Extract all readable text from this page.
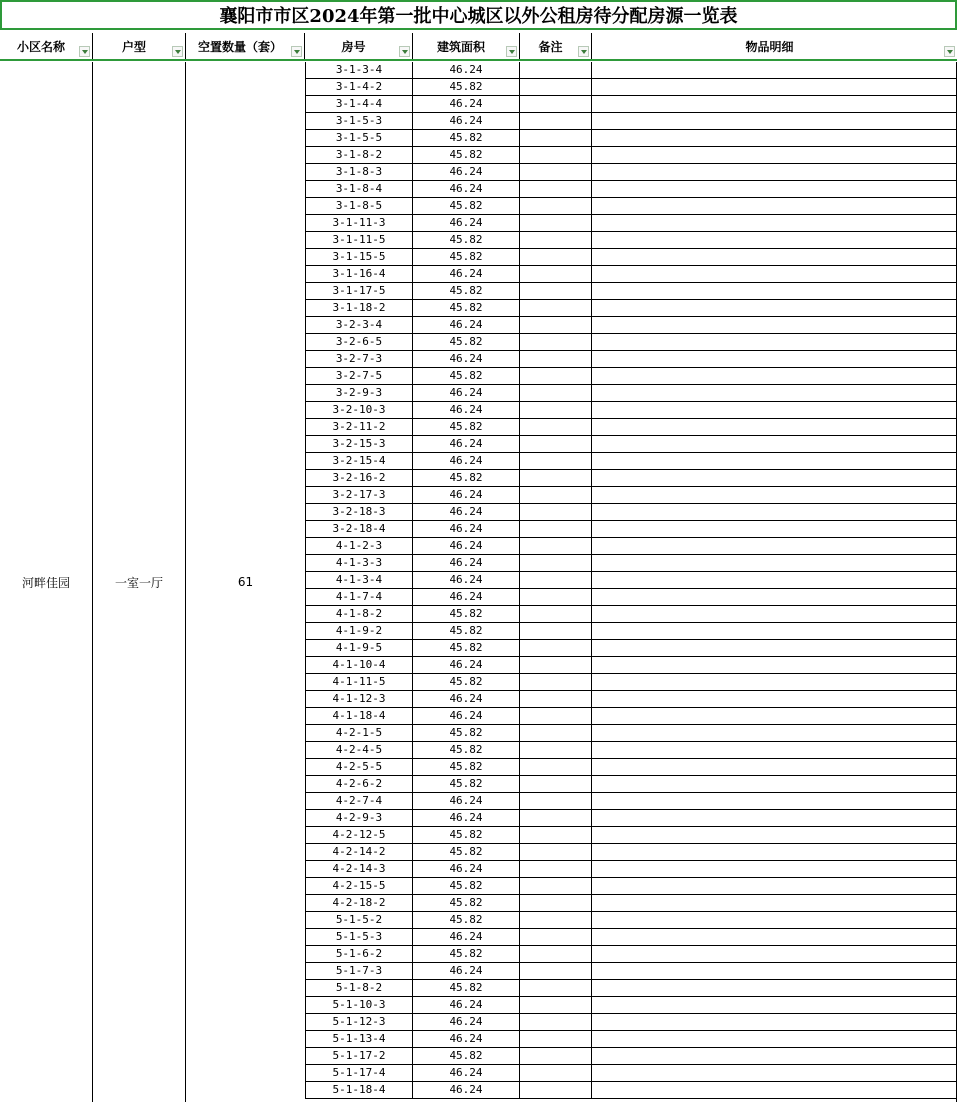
襄阳市市区2024年第一批中心城区以外公租房待分配房源一览表
小区名称	户型	空置数量（套）	房号	建筑面积	备注	物品明细
河畔佳园	一室一厅	61
3-1-3-4	46.24
3-1-4-2	45.82
3-1-4-4	46.24
3-1-5-3	46.24
3-1-5-5	45.82
3-1-8-2	45.82
3-1-8-3	46.24
3-1-8-4	46.24
3-1-8-5	45.82
3-1-11-3	46.24
3-1-11-5	45.82
3-1-15-5	45.82
3-1-16-4	46.24
3-1-17-5	45.82
3-1-18-2	45.82
3-2-3-4	46.24
3-2-6-5	45.82
3-2-7-3	46.24
3-2-7-5	45.82
3-2-9-3	46.24
3-2-10-3	46.24
3-2-11-2	45.82
3-2-15-3	46.24
3-2-15-4	46.24
3-2-16-2	45.82
3-2-17-3	46.24
3-2-18-3	46.24
3-2-18-4	46.24
4-1-2-3	46.24
4-1-3-3	46.24
4-1-3-4	46.24
4-1-7-4	46.24
4-1-8-2	45.82
4-1-9-2	45.82
4-1-9-5	45.82
4-1-10-4	46.24
4-1-11-5	45.82
4-1-12-3	46.24
4-1-18-4	46.24
4-2-1-5	45.82
4-2-4-5	45.82
4-2-5-5	45.82
4-2-6-2	45.82
4-2-7-4	46.24
4-2-9-3	46.24
4-2-12-5	45.82
4-2-14-2	45.82
4-2-14-3	46.24
4-2-15-5	45.82
4-2-18-2	45.82
5-1-5-2	45.82
5-1-5-3	46.24
5-1-6-2	45.82
5-1-7-3	46.24
5-1-8-2	45.82
5-1-10-3	46.24
5-1-12-3	46.24
5-1-13-4	46.24
5-1-17-2	45.82
5-1-17-4	46.24
5-1-18-4	46.24
